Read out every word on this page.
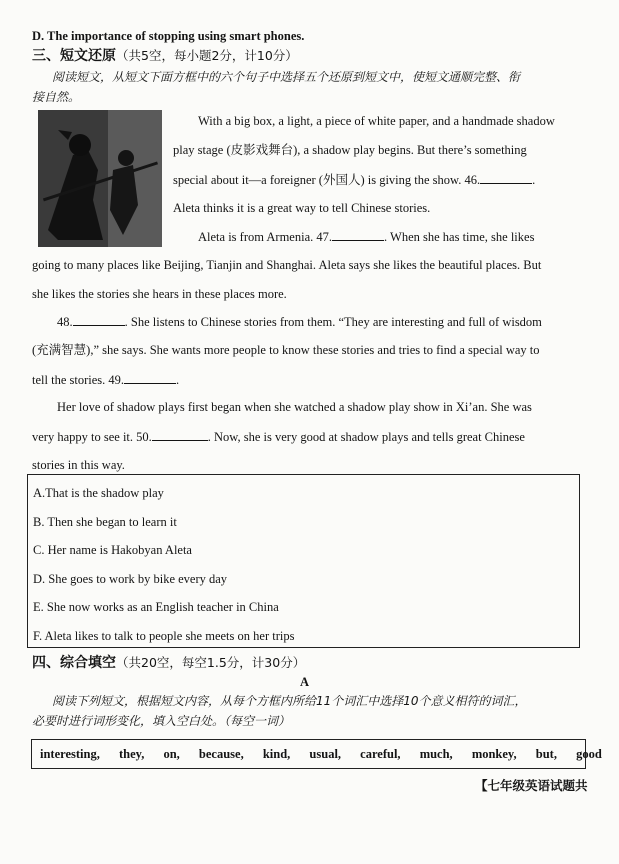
D. The importance of stopping using smart phones.
三、短文还原（共5空，每小题2分，计10分）
阅读短文，从短文下面方框中的六个句子中选择五个还原到短文中，使短文通顺完整、衔
接自然。
With a big box, a light, a piece of white paper, and a handmade shadow
play stage (皮影戏舞台), a shadow play begins. But there’s something
special about it—a foreigner (外国人) is giving the show. 46.	.
Aleta thinks it is a great way to tell Chinese stories.
Aleta is from Armenia. 47.	. When she has time, she likes
going to many places like Beijing, Tianjin and Shanghai. Aleta says she likes the beautiful places. But
she likes the stories she hears in these places more.
48.	. She listens to Chinese stories from them. “They are interesting and full of wisdom
(充满智慧),” she says. She wants more people to know these stories and tries to find a special way to
tell the stories. 49.	.
Her love of shadow plays first began when she watched a shadow play show in Xi’an. She was
very happy to see it. 50.	. Now, she is very good at shadow plays and tells great Chinese
stories in this way.
A.That is the shadow play
B. Then she began to learn it
C. Her name is Hakobyan Aleta
D. She goes to work by bike every day
E. She now works as an English teacher in China
F. Aleta likes to talk to people she meets on her trips
四、综合填空（共20空，每空1.5分，计30分）
A
阅读下列短文，根据短文内容，从每个方框内所给11个词汇中选择10个意义相符的词汇，
必要时进行词形变化，填入空白处。（每空一词）
interesting, they, on, because, kind, usual, careful, much, monkey, but, good
【七年级英语试题共
